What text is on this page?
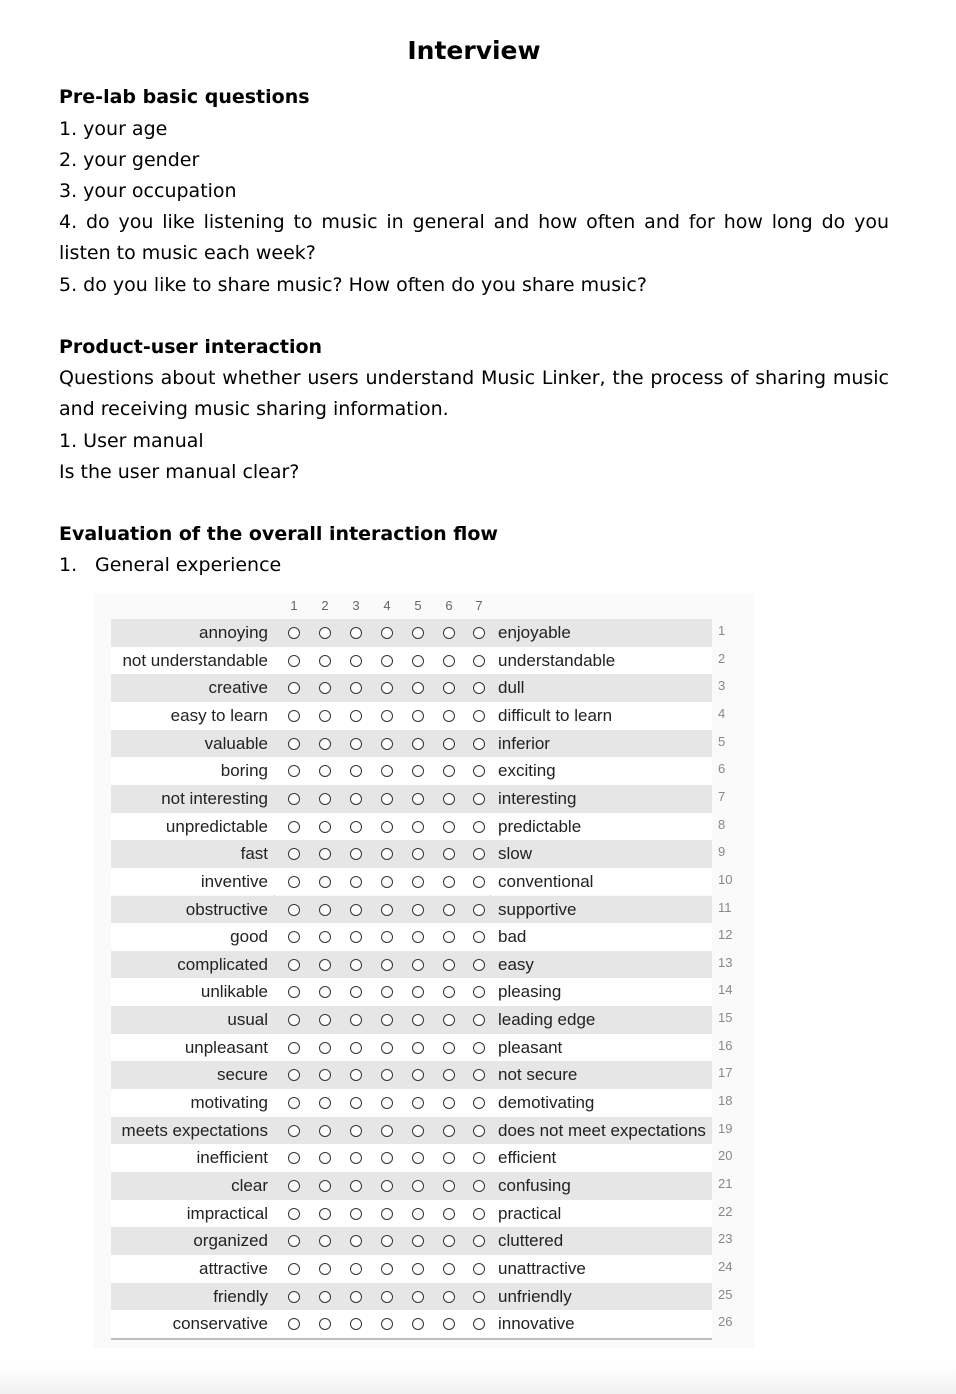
Interview
Pre-lab basic questions
1. your age
2. your gender
3. your occupation
4. do you like listening to music in general and how often and for how long do you listen to music each week?
5. do you like to share music? How often do you share music?
Product-user interaction
Questions about whether users understand Music Linker, the process of sharing music and receiving music sharing information.
1. User manual
Is the user manual clear?
Evaluation of the overall interaction flow
1. General experience
1	2	3	4	5	6	7
annoying	enjoyable	1
not understandable	understandable	2
creative	dull	3
easy to learn	difficult to learn	4
valuable	inferior	5
boring	exciting	6
not interesting	interesting	7
unpredictable	predictable	8
fast	slow	9
inventive	conventional	10
obstructive	supportive	11
good	bad	12
complicated	easy	13
unlikable	pleasing	14
usual	leading edge	15
unpleasant	pleasant	16
secure	not secure	17
motivating	demotivating	18
meets expectations	does not meet expectations 19
inefficient	efficient	20
clear	confusing	21
impractical	practical	22
organized	cluttered	23
attractive	unattractive	24
friendly	unfriendly	25
conservative	innovative	26
